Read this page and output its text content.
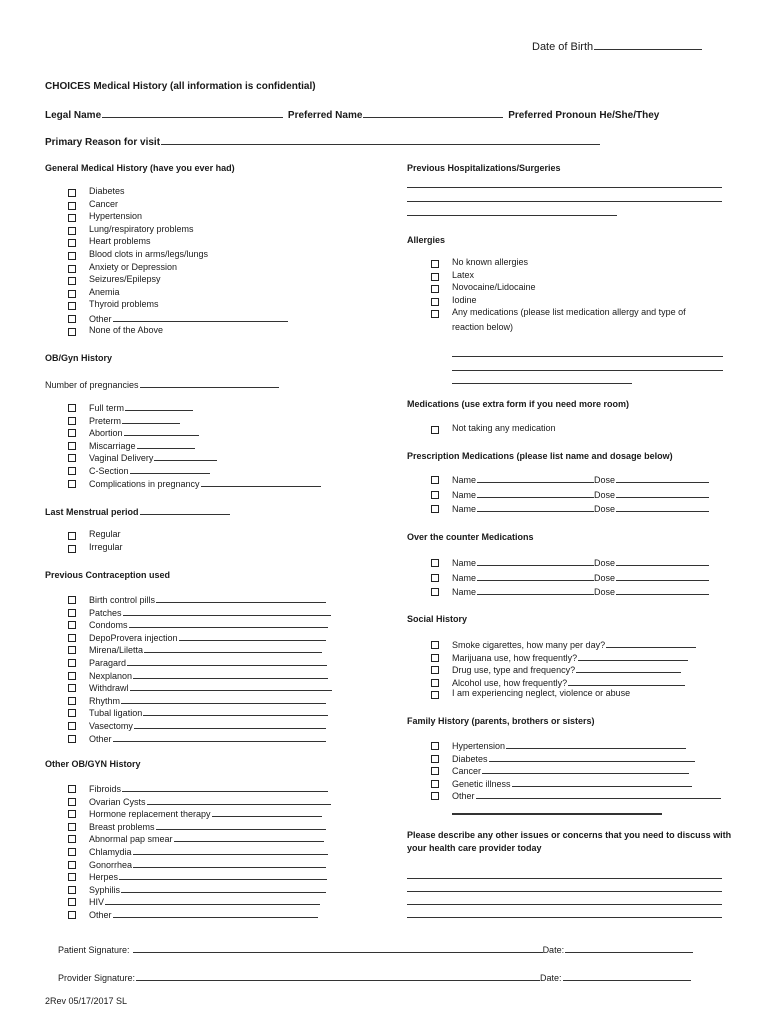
Date of Birth
CHOICES Medical History (all information is confidential)
Legal Name	Preferred Name	Preferred Pronoun He/She/They
Primary Reason for visit
General Medical History (have you ever had)
Diabetes
Cancer
Hypertension
Lung/respiratory problems
Heart problems
Blood clots in arms/legs/lungs
Anxiety or Depression
Seizures/Epilepsy
Anemia
Thyroid problems
Other
None of the Above
OB/Gyn History
Number of pregnancies
Full term
Preterm
Abortion
Miscarriage
Vaginal Delivery
C-Section
Complications in pregnancy
Last Menstrual period
Regular
Irregular
Previous Contraception used
Birth control pills
Patches
Condoms
DepoProvera injection
Mirena/Liletta
Paragard
Nexplanon
Withdrawl
Rhythm
Tubal ligation
Vasectomy
Other
Other OB/GYN History
Fibroids
Ovarian Cysts
Hormone replacement therapy
Breast problems
Abnormal pap smear
Chlamydia
Gonorrhea
Herpes
Syphilis
HIV
Other
Previous Hospitalizations/Surgeries
Allergies
No known allergies
Latex
Novocaine/Lidocaine
Iodine
Any medications (please list medication allergy and type of
reaction below)
Medications (use extra form if you need more room)
Not taking any medication
Prescription Medications (please list name and dosage below)
Name	Dose
Name	Dose
Name	Dose
Over the counter Medications
Name	Dose
Name	Dose
Name	Dose
Social History
Smoke cigarettes, how many per day?
Marijuana use, how frequently?
Drug use, type and frequency?
Alcohol use, how frequently?
I am experiencing neglect, violence or abuse
Family History (parents, brothers or sisters)
Hypertension
Diabetes
Cancer
Genetic illness
Other
Please describe any other issues or concerns that you need to discuss with
your health care provider today
Patient Signature:	Date:
Provider Signature:	Date:
2Rev 05/17/2017 SL
